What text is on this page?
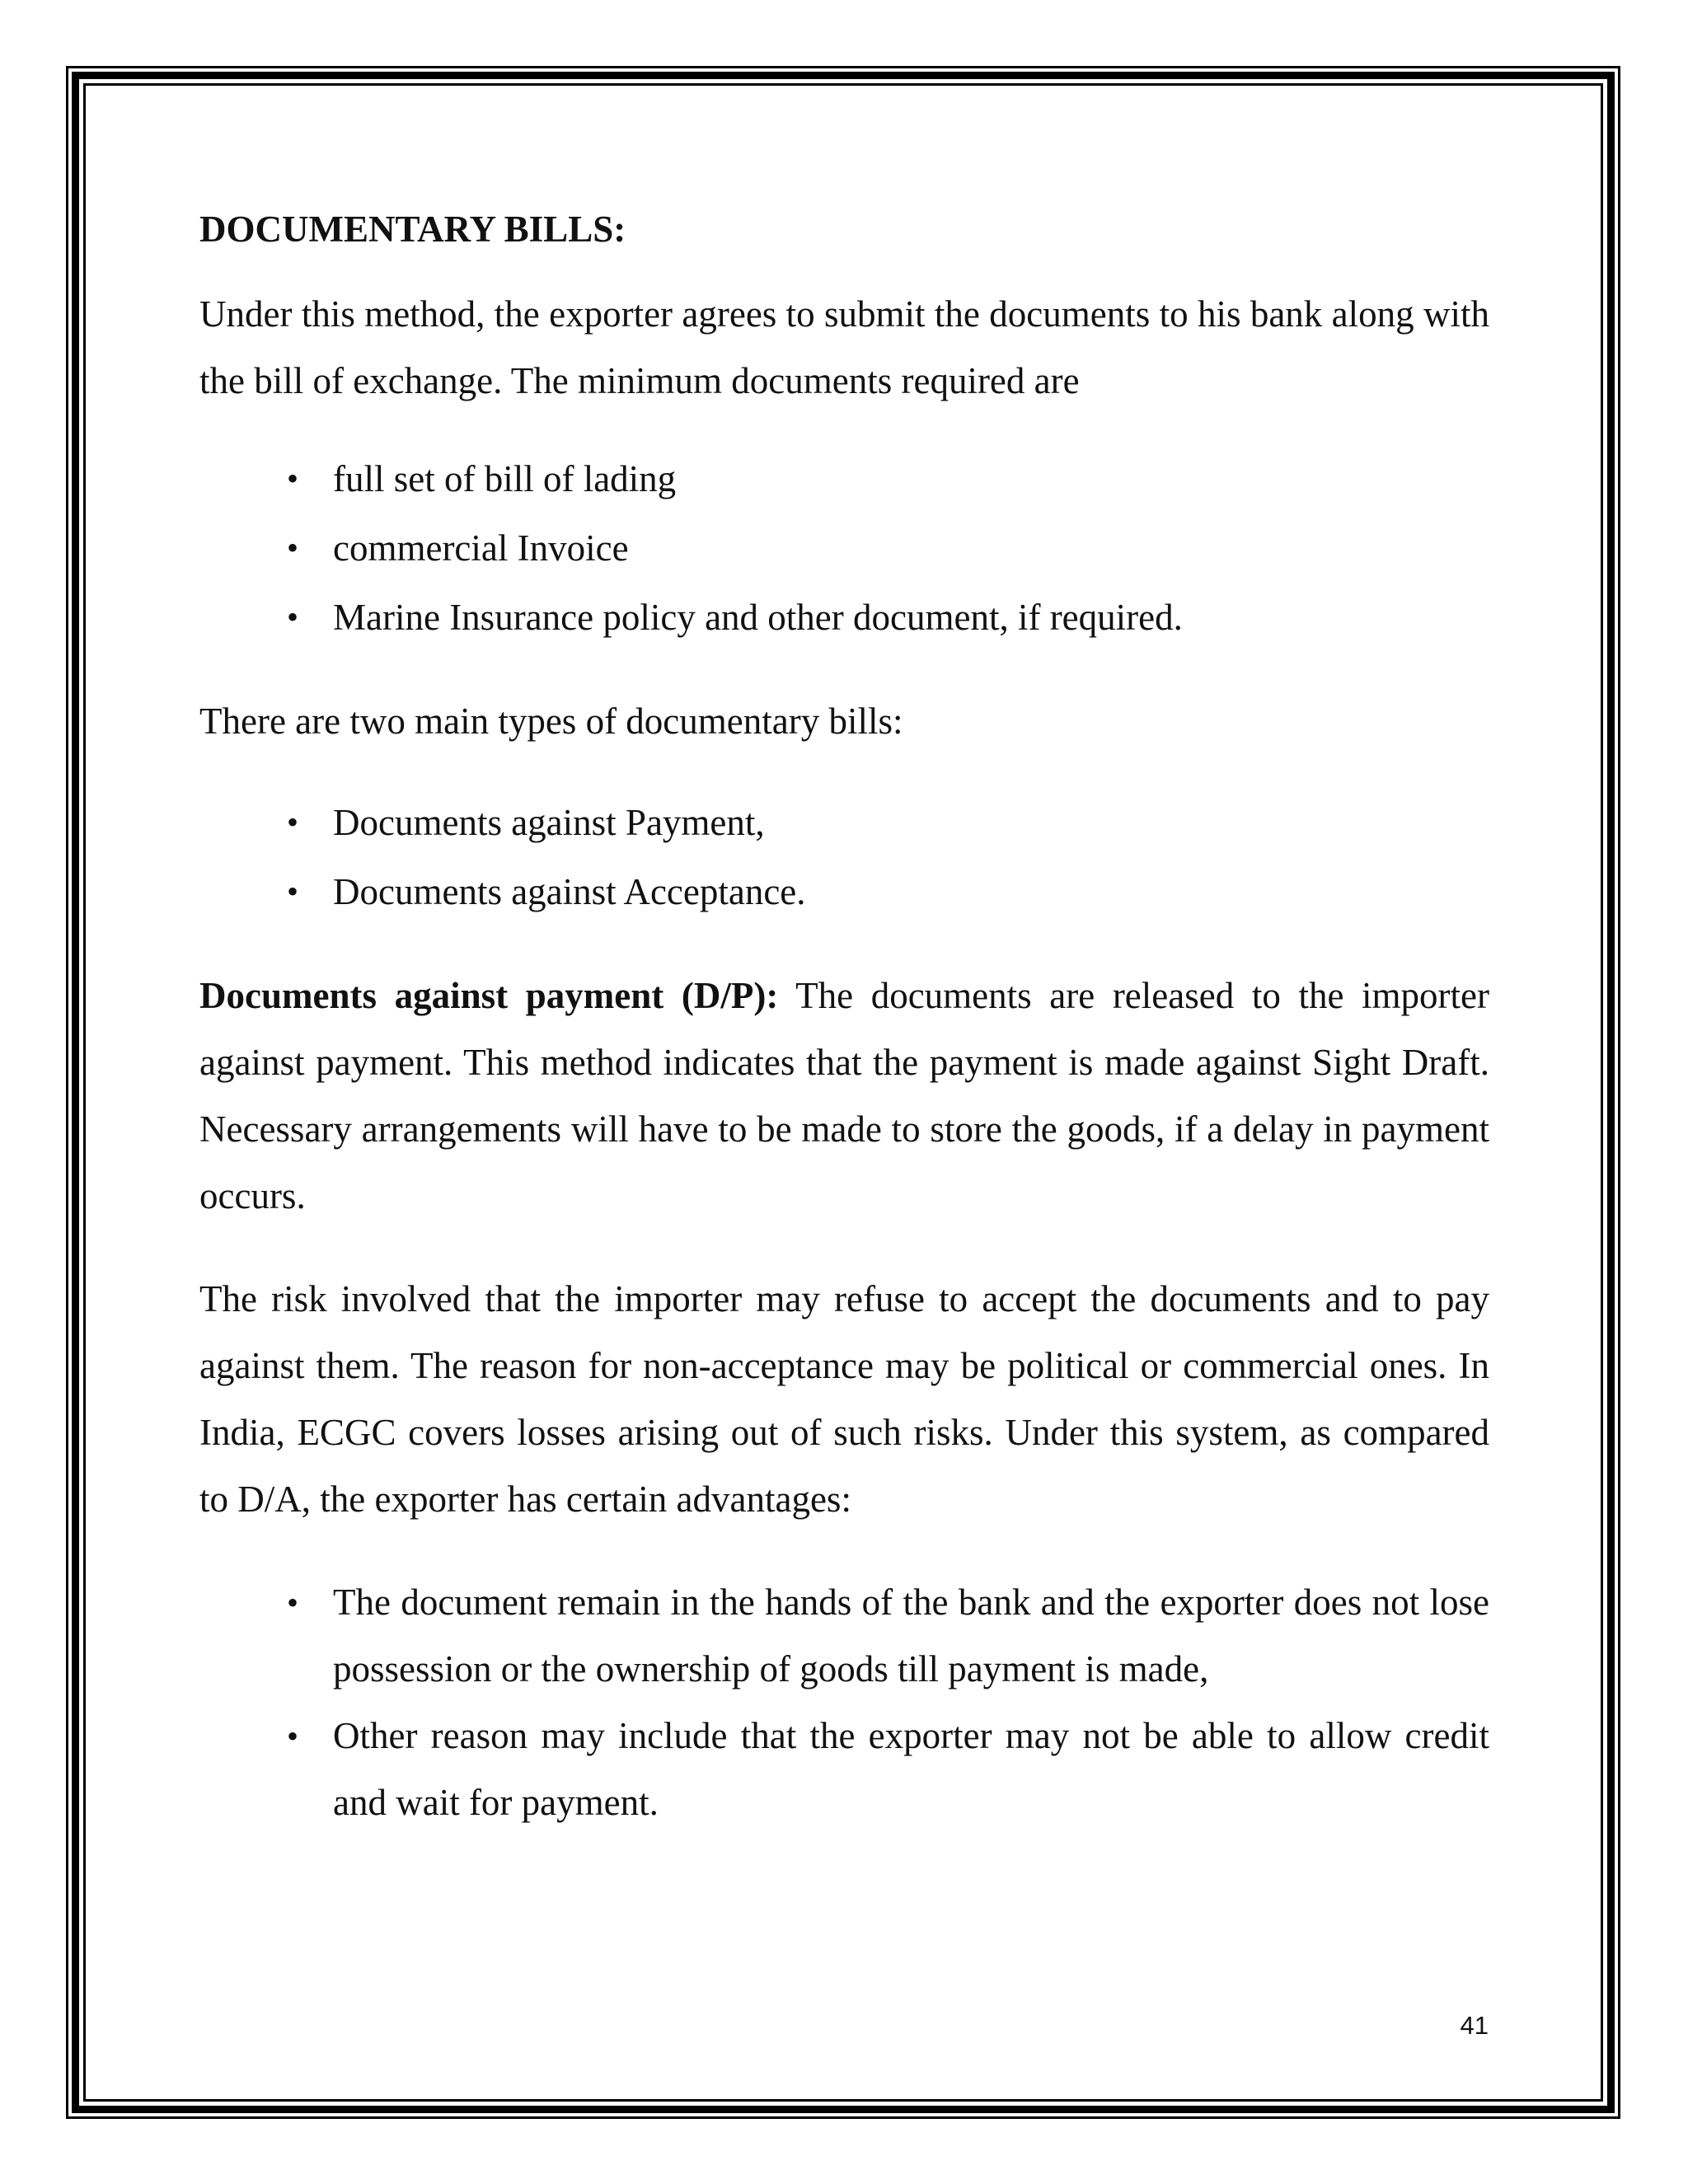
DOCUMENTARY BILLS:

Under this method, the exporter agrees to submit the documents to his bank along with the bill of exchange. The minimum documents required are

• full set of bill of lading
• commercial Invoice
• Marine Insurance policy and other document, if required.

There are two main types of documentary bills:

• Documents against Payment,
• Documents against Acceptance.

Documents against payment (D/P): The documents are released to the importer against payment. This method indicates that the payment is made against Sight Draft. Necessary arrangements will have to be made to store the goods, if a delay in payment occurs.

The risk involved that the importer may refuse to accept the documents and to pay against them. The reason for non-acceptance may be political or commercial ones. In India, ECGC covers losses arising out of such risks. Under this system, as compared to D/A, the exporter has certain advantages:

• The document remain in the hands of the bank and the exporter does not lose possession or the ownership of goods till payment is made,
• Other reason may include that the exporter may not be able to allow credit and wait for payment.
41
